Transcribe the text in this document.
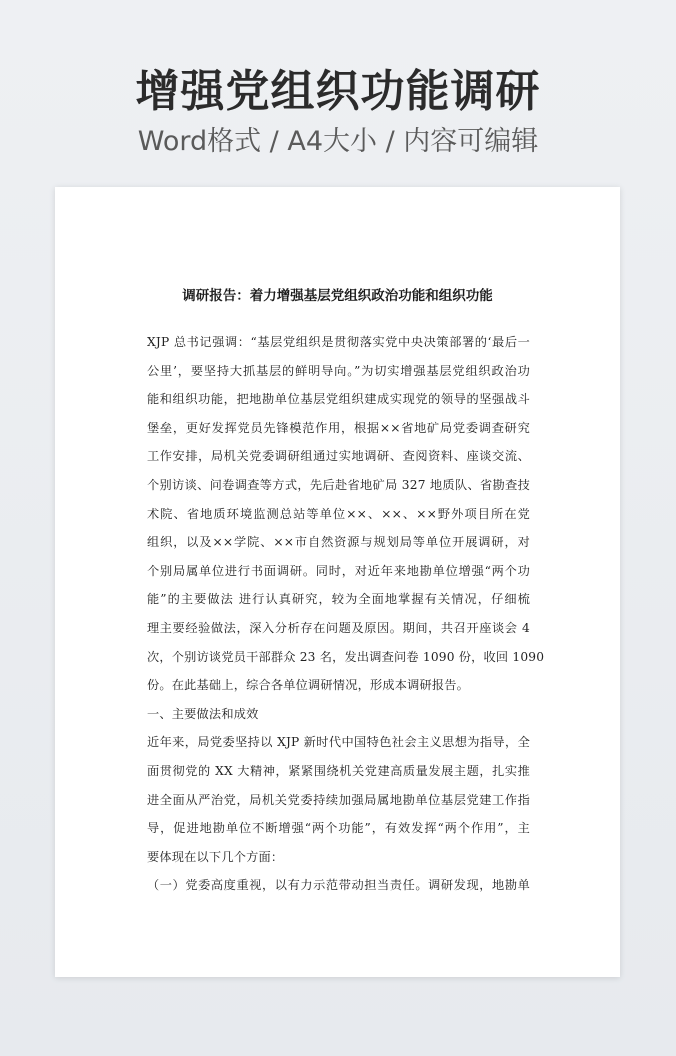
增强党组织功能调研
Word格式 / A4大小 / 内容可编辑
调研报告：着力增强基层党组织政治功能和组织功能
XJP 总书记强调：“基层党组织是贯彻落实党中央决策部署的‘最后一
公里’，要坚持大抓基层的鲜明导向。”为切实增强基层党组织政治功
能和组织功能，把地勘单位基层党组织建成实现党的领导的坚强战斗
堡垒，更好发挥党员先锋模范作用，根据××省地矿局党委调查研究
工作安排，局机关党委调研组通过实地调研、查阅资料、座谈交流、
个别访谈、问卷调查等方式，先后赴省地矿局 327 地质队、省勘查技
术院、省地质环境监测总站等单位××、××、××野外项目所在党
组织，以及××学院、××市自然资源与规划局等单位开展调研，对
个别局属单位进行书面调研。同时，对近年来地勘单位增强“两个功
能”的主要做法 进行认真研究，较为全面地掌握有关情况，仔细梳
理主要经验做法，深入分析存在问题及原因。期间，共召开座谈会 4
次，个别访谈党员干部群众 23 名，发出调查问卷 1090 份，收回 1090
份。在此基础上，综合各单位调研情况，形成本调研报告。
一、主要做法和成效
近年来，局党委坚持以 XJP 新时代中国特色社会主义思想为指导，全
面贯彻党的 XX 大精神，紧紧围绕机关党建高质量发展主题，扎实推
进全面从严治党，局机关党委持续加强局属地勘单位基层党建工作指
导，促进地勘单位不断增强“两个功能”，有效发挥“两个作用”，主
要体现在以下几个方面：
（一）党委高度重视，以有力示范带动担当责任。调研发现，地勘单
